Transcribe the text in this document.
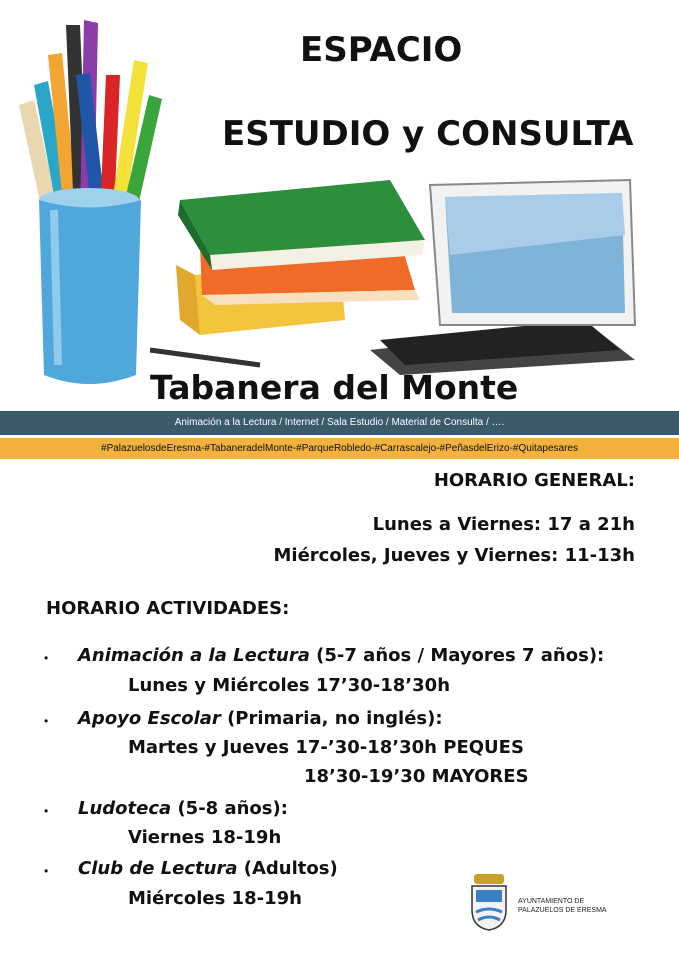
ESPACIO
ESTUDIO y CONSULTA
Tabanera del Monte
Animación a la Lectura / Internet / Sala Estudio / Material de Consulta / ….
#PalazuelosdeEresma-#TabaneradelMonte-#ParqueRobledo-#Carrascalejo-#PeñasdelErizo-#Quitapesares
HORARIO GENERAL:
Lunes a Viernes: 17 a 21h
Miércoles, Jueves y Viernes: 11-13h
HORARIO ACTIVIDADES:
• Animación a la Lectura (5-7 años / Mayores 7 años):
Lunes y Miércoles 17’30-18’30h
• Apoyo Escolar (Primaria, no inglés):
Martes y Jueves 17-’30-18’30h PEQUES
18’30-19’30 MAYORES
• Ludoteca (5-8 años):
Viernes 18-19h
• Club de Lectura (Adultos)
Miércoles 18-19h	AYUNTAMIENTO DE
PALAZUELOS DE ERESMA
